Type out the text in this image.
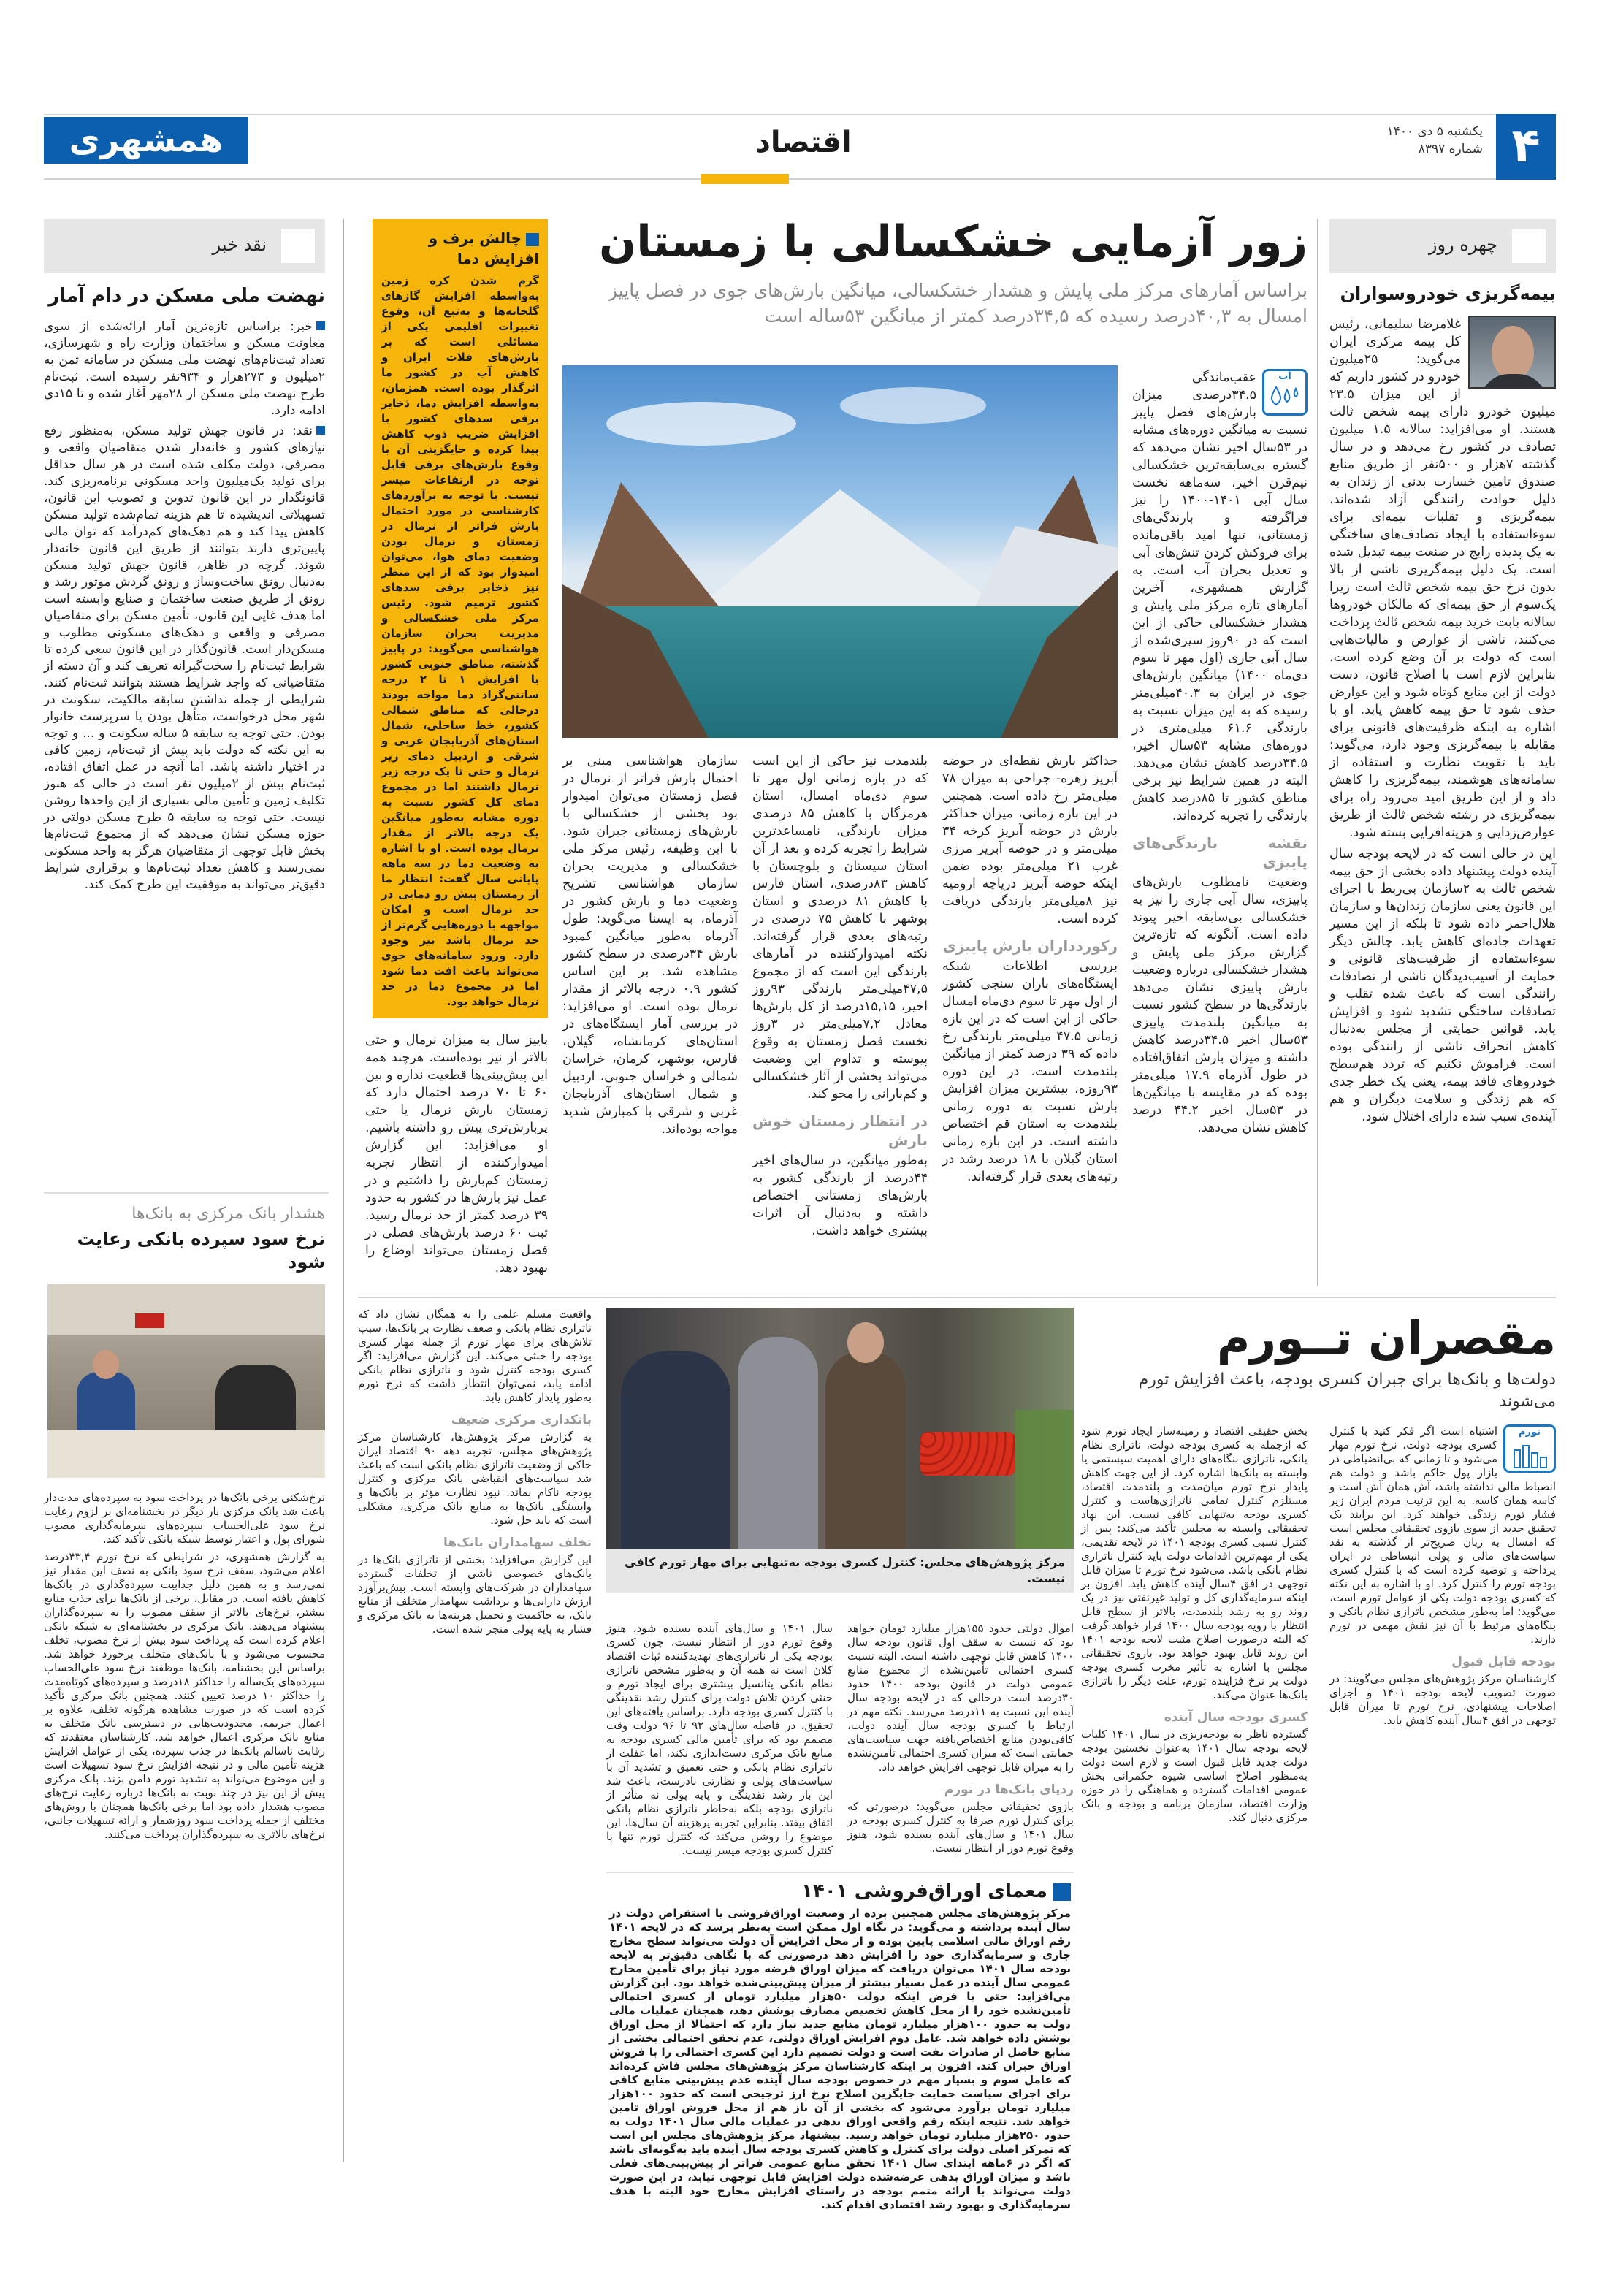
۴
یکشنبه ۵ دی ۱۴۰۰
شماره ۸۳۹۷
اقتصاد
همشهری
چهره روز
بیمه‌گریزی خودروسواران

غلامرضا سلیمانی، رئیس کل بیمه مرکزی ایران می‌گوید: ۲۵میلیون خودرو در کشور داریم که از این میزان ۲۳.۵ میلیون خودرو دارای بیمه شخص ثالث هستند. او می‌افزاید: سالانه ۱.۵ میلیون تصادف در کشور رخ می‌دهد و در سال گذشته ۷هزار و ۵۰۰نفر از طریق منابع صندوق تامین خسارت بدنی از زندان به دلیل حوادث رانندگی آزاد شده‌اند. بیمه‌گریزی و تقلبات بیمه‌ای برای سوءاستفاده با ایجاد تصادف‌های ساختگی به یک پدیده رایج در صنعت بیمه تبدیل شده است. یک دلیل بیمه‌گریزی ناشی از بالا بدون نرخ حق بیمه شخص ثالث است زیرا یک‌سوم از حق بیمه‌ای که مالکان خودروها سالانه بابت خرید بیمه شخص ثالث پرداخت می‌کنند، ناشی از عوارض و مالیات‌هایی است که دولت بر آن وضع کرده است. بنابراین لازم است با اصلاح قانون، دست دولت از این منابع کوتاه شود و این عوارض حذف شود تا حق بیمه کاهش یابد. او با اشاره به اینکه ظرفیت‌های قانونی برای مقابله با بیمه‌گریزی وجود دارد، می‌گوید: باید با تقویت نظارت و استفاده از سامانه‌های هوشمند، بیمه‌گریزی را کاهش داد و از این طریق امید می‌رود راه برای بیمه‌گریزی در رشته شخص ثالث از طریق عوارض‌زدایی و هزینه‌افزایی بسته شود.

این در حالی است که در لایحه بودجه سال آینده دولت پیشنهاد داده بخشی از حق بیمه شخص ثالث به ۲سازمان بی‌ربط با اجرای این قانون یعنی سازمان زندان‌ها و سازمان هلال‌احمر داده شود تا بلکه از این مسیر تعهدات جاده‌ای کاهش یابد. چالش دیگر سوءاستفاده از ظرفیت‌های قانونی و حمایت از آسیب‌دیدگان ناشی از تصادفات رانندگی است که باعث شده تقلب و تصادفات ساختگی تشدید شود و افزایش یابد. قوانین حمایتی از مجلس به‌دنبال کاهش انحراف ناشی از رانندگی بوده است. فراموش نکنیم که تردد هم‌سطح خودروهای فاقد بیمه، یعنی یک خطر جدی که هم زندگی و سلامت دیگران و هم آینده‌ی سبب شده دارای اختلال شود.

زور آزمایی خشکسالی با زمستان
براساس آمارهای مرکز ملی پایش و هشدار خشکسالی، میانگین بارش‌های جوی در فصل پاییز امسال به ۴۰,۳درصد رسیده که ۳۴,۵درصد کمتر از میانگین ۵۳ساله است
آب

عقب‌ماندگی ۳۴.۵درصدی میزان بارش‌های فصل پاییز نسبت به میانگین دوره‌های مشابه در ۵۳سال اخیر نشان می‌دهد که گستره بی‌سابقه‌ترین خشکسالی نیم‌قرن اخیر، سه‌ماهه نخست سال آبی ۱۴۰۱-۱۴۰۰ را نیز فراگرفته و بارندگی‌های زمستانی، تنها امید باقی‌مانده برای فروکش کردن تنش‌های آبی و تعدیل بحران آب است. به گزارش همشهری، آخرین آمارهای تازه مرکز ملی پایش و هشدار خشکسالی حاکی از این است که در ۹۰روز سپری‌شده از سال آبی جاری (اول مهر تا سوم دی‌ماه ۱۴۰۰) میانگین بارش‌های جوی در ایران به ۴۰.۳میلی‌متر رسیده که به این میزان نسبت به بارندگی ۶۱.۶ میلی‌متری در دوره‌های مشابه ۵۳سال اخیر، ۳۴.۵درصد کاهش نشان می‌دهد. البته در همین شرایط نیز برخی مناطق کشور تا ۸۵درصد کاهش بارندگی را تجربه کرده‌اند.

نقشه بارندگی‌های پاییزی

وضعیت نامطلوب بارش‌های پاییزی، سال آبی جاری را نیز به خشکسالی بی‌سابقه اخیر پیوند داده است. آنگونه که تازه‌ترین گزارش مرکز ملی پایش و هشدار خشکسالی درباره وضعیت بارش پاییزی نشان می‌دهد بارندگی‌ها در سطح کشور نسبت به میانگین بلندمدت پاییزی ۵۳سال اخیر ۳۴.۵درصد کاهش داشته و میزان بارش اتفاق‌افتاده در طول آذرماه ۱۷.۹ میلی‌متر بوده که در مقایسه با میانگین‌ها در ۵۳سال اخیر ۴۴.۲ درصد کاهش نشان می‌دهد.

حداکثر بارش نقطه‌ای در حوضه آبریز زهره- جراحی به میزان ۷۸ میلی‌متر رخ داده است. همچنین در این بازه زمانی، میزان حداکثر بارش در حوضه آبریز کرخه ۳۴ میلی‌متر و در حوضه آبریز مرزی غرب ۲۱ میلی‌متر بوده ضمن اینکه حوضه آبریز دریاچه ارومیه نیز ۸میلی‌متر بارندگی دریافت کرده است.

رکورد‌داران بارش پاییزی

بررسی اطلاعات شبکه ایستگاه‌های باران سنجی کشور از اول مهر تا سوم دی‌ماه امسال حاکی از این است که در این بازه زمانی ۴۷.۵ میلی‌متر بارندگی رخ داده که ۳۹ درصد کمتر از میانگین بلندمدت است. در این دوره ۹۳روزه، بیشترین میزان افزایش بارش نسبت به دوره زمانی بلندمدت به استان قم اختصاص داشته است. در این بازه زمانی استان گیلان با ۱۸ درصد رشد در رتبه‌های بعدی قرار گرفته‌اند.

بلندمدت نیز حاکی از این است که در بازه زمانی اول مهر تا سوم دی‌ماه امسال، استان هرمزگان با کاهش ۸۵ درصدی میزان بارندگی، نامساعدترین شرایط را تجربه کرده و بعد از آن استان سیستان و بلوچستان با کاهش ۸۳درصدی، استان فارس با کاهش ۸۱ درصدی و استان بوشهر با کاهش ۷۵ درصدی در رتبه‌های بعدی قرار گرفته‌اند. نکته امیدوارکننده در آمارهای بارندگی این است که از مجموع ۴۷,۵میلی‌متر بارندگی ۹۳روز اخیر، ۱۵,۱۵درصد از کل بارش‌ها معادل ۷,۲میلی‌متر در ۳روز نخست فصل زمستان به وقوع پیوسته و تداوم این وضعیت می‌تواند بخشی از آثار خشکسالی و کم‌بارانی را محو کند.

در انتظار زمستان خوش بارش

به‌طور میانگین، در سال‌های اخیر ۴۴درصد از بارندگی کشور به بارش‌های زمستانی اختصاص داشته و به‌دنبال آن اثرات بیشتری خواهد داشت.

سازمان هواشناسی مبنی بر احتمال بارش فراتر از نرمال در فصل زمستان می‌توان امیدوار بود بخشی از خشکسالی با بارش‌های زمستانی جبران شود. با این وظیفه، رئیس مرکز ملی خشکسالی و مدیریت بحران سازمان هواشناسی تشریح وضعیت دما و بارش کشور در آذرماه، به ایسنا می‌گوید: طول آذرماه به‌طور میانگین کمبود بارش ۳۴درصدی در سطح کشور مشاهده شد. بر این اساس کشور ۰.۹ درجه بالاتر از مقدار نرمال بوده است. او می‌افزاید: در بررسی آمار ایستگاه‌های در استان‌های کرمانشاه، گیلان، فارس، بوشهر، کرمان، خراسان شمالی و خراسان جنوبی، اردبیل و شمال استان‌های آذربایجان غربی و شرقی با کمبارش شدید مواجه بوده‌اند.

چالش برف و افزایش دما
گرم شدن کره زمین به‌واسطه افزایش گازهای گلخانه‌ها و به‌تبع آن، وقوع تغییرات اقلیمی یکی از مسائلی است که بر بارش‌های فلات ایران و کاهش آب در کشور ما اثرگذار بوده است. همزمان، به‌واسطه افزایش دما، ذخایر برفی سدهای کشور با افزایش ضریب ذوب کاهش پیدا کرده و جایگزینی آن با وقوع بارش‌های برفی قابل توجه در ارتفاعات میسر نیست. با توجه به برآوردهای کارشناسی در مورد احتمال بارش فراتر از نرمال در زمستان و نرمال بودن وضعیت دمای هوا، می‌توان امیدوار بود که از این منظر نیز ذخایر برفی سدهای کشور ترمیم شود. رئیس مرکز ملی خشکسالی و مدیریت بحران سازمان هواشناسی می‌گوید: در پاییز گذشته، مناطق جنوبی کشور با افزایش ۱ تا ۲ درجه سانتی‌گراد دما مواجه بودند درحالی که مناطق شمالی کشور، خط ساحلی، شمال استان‌های آذربایجان غربی و شرقی و اردبیل دمای زیر نرمال و حتی تا یک درجه زیر نرمال داشتند اما در مجموع دمای کل کشور نسبت به دوره مشابه به‌طور میانگین یک درجه بالاتر از مقدار نرمال بوده است. او با اشاره به وضعیت دما در سه ماهه پایانی سال گفت: انتظار ما از زمستان پیش رو دمایی در حد نرمال است و امکان مواجهه با دوره‌هایی گرم‌تر از حد نرمال باشد نیز وجود دارد. ورود سامانه‌های جوی می‌تواند باعث افت دما شود اما در مجموع دما در حد نرمال خواهد بود.

پاییز سال به میزان نرمال و حتی بالاتر از نیز بوده‌است. هرچند همه این پیش‌بینی‌ها قطعیت نداره و بین ۶۰ تا ۷۰ درصد احتمال دارد که زمستان بارش نرمال یا حتی پربارش‌تری پیش رو داشته باشیم. او می‌افزاید: این گزارش امیدوارکننده از انتظار تجربه زمستان کم‌بارش را داشتیم و در عمل نیز بارش‌ها در کشور به حدود ۳۹ درصد کمتر از حد نرمال رسید. ثبت ۶۰ درصد بارش‌های فصلی در فصل زمستان می‌تواند اوضاع را بهبود دهد.

نقد خبر
نهضت ملی مسکن در دام آمار

خبر: براساس تازه‌ترین آمار ارائه‌شده از سوی معاونت مسکن و ساختمان وزارت راه و شهرسازی، تعداد ثبت‌نام‌های نهضت ملی مسکن در سامانه ثمن به ۲میلیون و ۲۷۳هزار و ۹۳۴نفر رسیده است. ثبت‌نام طرح نهضت ملی مسکن از ۲۸مهر آغاز شده و تا ۱۵دی ادامه دارد.

نقد: در قانون جهش تولید مسکن، به‌منظور رفع نیازهای کشور و خانه‌دار شدن متقاضیان واقعی و مصرفی، دولت مکلف شده است در هر سال حداقل برای تولید یک‌میلیون واحد مسکونی برنامه‌ریزی کند. قانونگذار در این قانون تدوین و تصویب این قانون، تسهیلاتی اندیشیده تا هم هزینه تمام‌شده تولید مسکن کاهش پیدا کند و هم دهک‌های کم‌درآمد که توان مالی پایین‌تری دارند بتوانند از طریق این قانون خانه‌دار شوند. گرچه در ظاهر، قانون جهش تولید مسکن به‌دنبال رونق ساخت‌وساز و رونق گردش موتور رشد و رونق از طریق صنعت ساختمان و صنایع وابسته است اما هدف غایی این قانون، تأمین مسکن برای متقاضیان مصرفی و واقعی و دهک‌های مسکونی مطلوب و مسکن‌دار است. قانون‌گذار در این قانون سعی کرده تا شرایط ثبت‌نام را سخت‌گیرانه تعریف کند و آن دسته از متقاضیانی که واجد شرایط هستند بتوانند ثبت‌نام کنند. شرایطی از جمله نداشتن سابقه مالکیت، سکونت در شهر محل درخواست، متأهل بودن یا سرپرست خانوار بودن. حتی توجه به سابقه ۵ ساله سکونت و ... و توجه به این نکته که دولت باید پیش از ثبت‌نام، زمین کافی در اختیار داشته باشد. اما آنچه در عمل اتفاق افتاده، ثبت‌نام بیش از ۲میلیون نفر است در حالی که هنوز تکلیف زمین و تأمین مالی بسیاری از این واحدها روشن نیست. حتی توجه به سابقه ۵ طرح مسکن دولتی در حوزه مسکن نشان می‌دهد که از مجموع ثبت‌نام‌ها بخش قابل توجهی از متقاضیان هرگز به واحد مسکونی نمی‌رسند و کاهش تعداد ثبت‌نام‌ها و برقراری شرایط دقیق‌تر می‌تواند به موفقیت این طرح کمک کند.

هشدار بانک مرکزی به بانک‌ها
نرخ سود سپرده بانکی رعایت شود

نرخ‌شکنی برخی بانک‌ها در پرداخت سود به سپرده‌های مدت‌دار باعث شد بانک مرکزی بار دیگر در بخشنامه‌ای بر لزوم رعایت نرخ سود علی‌الحساب سپرده‌های سرمایه‌گذاری مصوب شورای پول و اعتبار توسط شبکه بانکی تأکید کند.

به گزارش همشهری، در شرایطی که نرخ تورم ۴۳,۴درصد اعلام می‌شود، سقف نرخ سود بانکی به نصف این مقدار نیز نمی‌رسد و به همین دلیل جذابیت سپرده‌گذاری در بانک‌ها کاهش یافته است. در مقابل، برخی از بانک‌ها برای جذب منابع بیشتر، نرخ‌های بالاتر از سقف مصوب را به سپرده‌گذاران پیشنهاد می‌دهند. بانک مرکزی در بخشنامه‌ای به شبکه بانکی اعلام کرده است که پرداخت سود بیش از نرخ مصوب، تخلف محسوب می‌شود و با بانک‌های متخلف برخورد خواهد شد. براساس این بخشنامه، بانک‌ها موظفند نرخ سود علی‌الحساب سپرده‌های یک‌ساله را حداکثر ۱۸درصد و سپرده‌های کوتاه‌مدت را حداکثر ۱۰ درصد تعیین کنند. همچنین بانک مرکزی تأکید کرده است که در صورت مشاهده هرگونه تخلف، علاوه بر اعمال جریمه، محدودیت‌هایی در دسترسی بانک متخلف به منابع بانک مرکزی اعمال خواهد شد. کارشناسان معتقدند که رقابت ناسالم بانک‌ها در جذب سپرده، یکی از عوامل افزایش هزینه تأمین مالی و در نتیجه افزایش نرخ سود تسهیلات است و این موضوع می‌تواند به تشدید تورم دامن بزند. بانک مرکزی پیش از این نیز در چند نوبت به بانک‌ها درباره رعایت نرخ‌های مصوب هشدار داده بود اما برخی بانک‌ها همچنان با روش‌های مختلف از جمله پرداخت سود روزشمار و ارائه تسهیلات جانبی، نرخ‌های بالاتری به سپرده‌گذاران پرداخت می‌کنند.

مقصران تــورم
دولت‌ها و بانک‌ها برای جبران کسری بودجه، باعث افزایش تورم می‌شوند
تورم

اشتباه است اگر فکر کنید با کنترل کسری بودجه دولت، نرخ تورم مهار می‌شود و تا زمانی که بی‌انضباطی در بازار پول حاکم باشد و دولت هم انضباط مالی نداشته باشد، آش همان آش است و کاسه همان کاسه. به این ترتیب مردم ایران زیر فشار تورم زندگی خواهند کرد. این برایند یک تحقیق جدید از سوی بازوی تحقیقاتی مجلس است که امسال به زبان صریح‌تر از گذشته به نقد سیاست‌های مالی و پولی انبساطی در ایران پرداخته و توصیه کرده است که با کنترل کسری بودجه تورم را کنترل کرد. او با اشاره به این نکته که کسری بودجه دولت یکی از عوامل تورم است، می‌گوید: اما به‌طور مشخص ناترازی نظام بانکی و بنگاه‌های مرتبط با آن نیز نقش مهمی در تورم دارند.

بودجه قابل قبول

کارشناسان مرکز پژوهش‌های مجلس می‌گویند: در صورت تصویب لایحه بودجه ۱۴۰۱ و اجرای اصلاحات پیشنهادی، نرخ تورم تا میزان قابل توجهی در افق ۴سال آینده کاهش یابد.

بخش حقیقی اقتصاد و زمینه‌ساز ایجاد تورم شود که ازجمله به کسری بودجه دولت، ناترازی نظام بانکی، ناترازی بنگاه‌های دارای اهمیت سیستمی یا وابسته به بانک‌ها اشاره کرد. از این جهت کاهش پایدار نرخ تورم میان‌مدت و بلندمدت اقتصاد، مستلزم کنترل تمامی ناترازی‌هاست و کنترل کسری بودجه به‌تنهایی کافی نیست. این نهاد تحقیقاتی وابسته به مجلس تأکید می‌کند: پس از کنترل نسبی کسری بودجه ۱۴۰۱ در لایحه تقدیمی، یکی از مهم‌ترین اقدامات دولت باید کنترل ناترازی نظام بانکی باشد. می‌شود نرخ تورم تا میزان قابل توجهی در افق ۴سال آینده کاهش یابد. افزون بر اینکه سرمایه‌گذاری کل و تولید غیرنفتی نیز در یک روند رو به رشد بلندمدت، بالاتر از سطح قابل انتظار با رویه بودجه سال ۱۴۰۰ قرار خواهد گرفت که البته درصورت اصلاح مثبت لایحه بودجه ۱۴۰۱ این روند قابل بهبود خواهد بود. بازوی تحقیقاتی مجلس با اشاره به تأثیر مخرب کسری بودجه دولت بر نرخ فزاینده تورم، علت دیگر را ناترازی بانک‌ها عنوان می‌کند.

کسری بودجه سال آینده

گسترده ناظر به بودجه‌ریزی در سال ۱۴۰۱ کلیات لایحه بودجه سال ۱۴۰۱ به‌عنوان نخستین بودجه دولت جدید قابل قبول است و لازم است دولت به‌منظور اصلاح اساسی شیوه حکمرانی بخش عمومی اقدامات گسترده و هماهنگی را در حوزه وزارت اقتصاد، سازمان برنامه و بودجه و بانک مرکزی دنبال کند.

مرکز پژوهش‌های مجلس: کنترل کسری بودجه به‌تنهایی برای مهار تورم کافی نیست.

اموال دولتی حدود ۱۵۵هزار میلیارد تومان خواهد بود که نسبت به سقف اول قانون بودجه سال ۱۴۰۰ کاهش قابل توجهی داشته است. البته نسبت کسری احتمالی تأمین‌نشده از مجموع منابع عمومی دولت در قانون بودجه ۱۴۰۰ حدود ۳۰درصد است درحالی که در لایحه بودجه سال آینده این نسبت به ۱۱درصد می‌رسد. نکته مهم در ارتباط با کسری بودجه سال آینده دولت، کافی‌بودن منابع اختصاص‌یافته جهت سیاست‌های حمایتی است که میزان کسری احتمالی تأمین‌نشده را به میزان قابل توجهی افزایش خواهد داد.

ردپای بانک‌ها در تورم

بازوی تحقیقاتی مجلس می‌گوید: درصورتی که برای کنترل تورم صرفا به کنترل کسری بودجه در سال ۱۴۰۱ و سال‌های آینده بسنده شود، هنوز وقوع تورم دور از انتظار نیست.

سال ۱۴۰۱ و سال‌های آینده بسنده شود، هنوز وقوع تورم دور از انتظار نیست، چون کسری بودجه یکی از ناترازی‌های تهدیدکننده ثبات اقتصاد کلان است نه همه آن و به‌طور مشخص ناترازی نظام بانکی پتانسیل بیشتری برای ایجاد تورم و خنثی کردن تلاش دولت برای کنترل رشد نقدینگی با کنترل کسری بودجه دارد. براساس یافته‌های این تحقیق، در فاصله سال‌های ۹۲ تا ۹۶ دولت وقت مصمم بود که برای تأمین مالی کسری بودجه به منابع بانک مرکزی دست‌اندازی نکند، اما غفلت از ناترازی نظام بانکی و حتی تعمیق و تشدید آن با سیاست‌های پولی و نظارتی نادرست، باعث شد این بار رشد نقدینگی و پایه پولی نه متأثر از ناترازی بودجه بلکه به‌خاطر ناترازی نظام بانکی اتفاق بیفتد. بنابراین تجربه پرهزینه آن سال‌ها، این موضوع را روشن می‌کند که کنترل تورم تنها با کنترل کسری بودجه میسر نیست.

معمای اوراق‌فروشی ۱۴۰۱
مرکز پژوهش‌های مجلس همچنین پرده از وضعیت اوراق‌فروشی یا استقراض دولت در سال آینده برداشته و می‌گوید: در نگاه اول ممکن است به‌نظر برسد که در لایحه ۱۴۰۱ رقم اوراق مالی اسلامی پایین بوده و از محل افزایش آن دولت می‌تواند سطح مخارج جاری و سرمایه‌گذاری خود را افزایش دهد درصورتی که با نگاهی دقیق‌تر به لایحه بودجه سال ۱۴۰۱ می‌توان دریافت که میزان اوراق قرضه مورد نیاز برای تأمین مخارج عمومی سال آینده در عمل بسیار بیشتر از میزان پیش‌بینی‌شده خواهد بود. این گزارش می‌افزاید: حتی با فرض اینکه دولت ۵۰هزار میلیارد تومان از کسری احتمالی تأمین‌نشده خود را از محل کاهش تخصیص مصارف پوشش دهد، همچنان عملیات مالی دولت به حدود ۱۰۰هزار میلیارد تومان منابع جدید نیاز دارد که احتمالا از محل اوراق پوشش داده خواهد شد. عامل دوم افزایش اوراق دولتی، عدم تحقق احتمالی بخشی از منابع حاصل از صادرات نفت است و دولت تصمیم دارد این کسری احتمالی را با فروش اوراق جبران کند. افزون بر اینکه کارشناسان مرکز پژوهش‌های مجلس فاش کرده‌اند که عامل سوم و بسیار مهم در خصوص بودجه سال آینده عدم پیش‌بینی منابع کافی برای اجرای سیاست حمایت جایگزین اصلاح نرخ ارز ترجیحی است که حدود ۱۰۰هزار میلیارد تومان برآورد می‌شود که بخشی از آن باز هم از محل فروش اوراق تامین خواهد شد. نتیجه اینکه رقم واقعی اوراق بدهی در عملیات مالی سال ۱۴۰۱ دولت به حدود ۲۵۰هزار میلیارد تومان خواهد رسید. پیشنهاد مرکز پژوهش‌های مجلس این است که تمرکز اصلی دولت برای کنترل و کاهش کسری بودجه سال آینده باید به‌گونه‌ای باشد که اگر در ۶ماهه ابتدای سال ۱۴۰۱ تحقق منابع عمومی فراتر از پیش‌بینی‌های فعلی باشد و میزان اوراق بدهی عرضه‌شده دولت افزایش قابل توجهی نیابد، در این صورت دولت می‌تواند با ارائه متمم بودجه در راستای افزایش مخارج خود البته با هدف سرمایه‌گذاری و بهبود رشد اقتصادی اقدام کند.

واقعیت مسلم علمی را به همگان نشان داد که ناترازی نظام بانکی و ضعف نظارت بر بانک‌ها، سبب تلاش‌های برای مهار تورم از جمله مهار کسری بودجه را خنثی می‌کند. این گزارش می‌افزاید: اگر کسری بودجه کنترل شود و ناترازی نظام بانکی ادامه یابد، نمی‌توان انتظار داشت که نرخ تورم به‌طور پایدار کاهش یابد.

بانکداری مرکزی ضعیف

به گزارش مرکز پژوهش‌ها، کارشناسان مرکز پژوهش‌های مجلس، تجربه دهه ۹۰ اقتصاد ایران حاکی از وضعیت ناترازی نظام بانکی است که باعث شد سیاست‌های انقباضی بانک مرکزی و کنترل بودجه ناکام بماند. نبود نظارت مؤثر بر بانک‌ها و وابستگی بانک‌ها به منابع بانک مرکزی، مشکلی است که باید حل شود.

تخلف سهامداران بانک‌ها

این گزارش می‌افزاید: بخشی از ناترازی بانک‌ها در بانک‌های خصوصی ناشی از تخلفات گسترده سهامداران در شرکت‌های وابسته است. بیش‌برآورد ارزش دارایی‌ها و برداشت سهامدار متخلف از منابع بانک، به حاکمیت و تحمیل هزینه‌ها به بانک مرکزی و فشار به پایه پولی منجر شده است.
